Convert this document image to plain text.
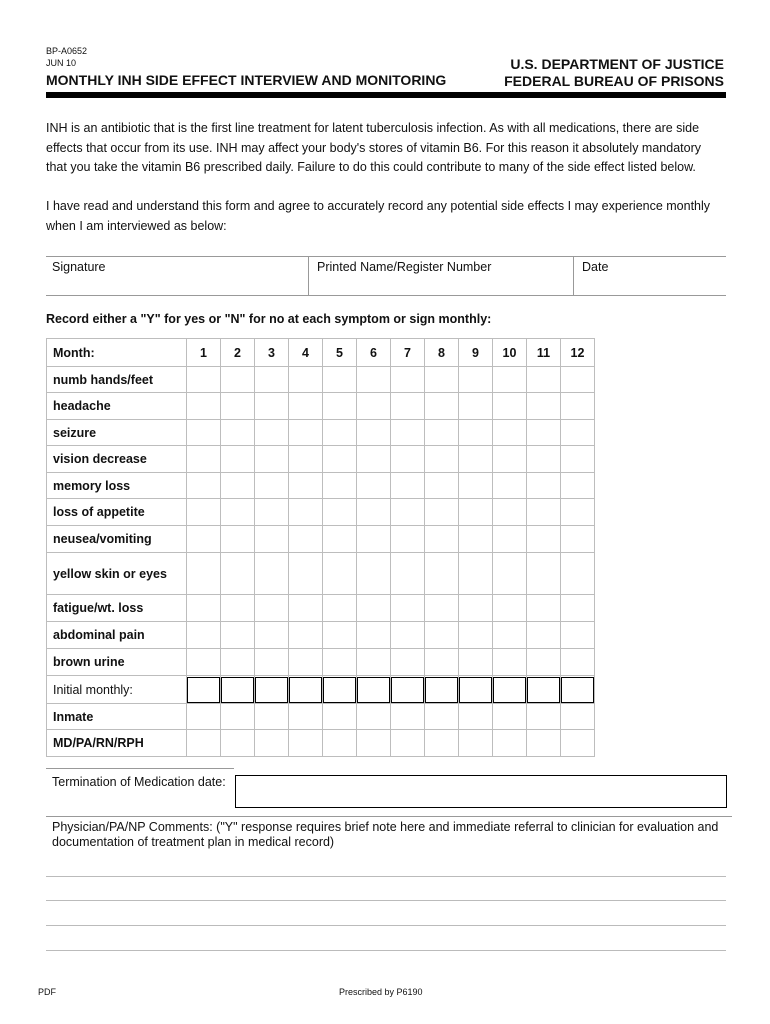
BP-A0652
JUN 10
MONTHLY INH SIDE EFFECT INTERVIEW AND MONITORING
U.S. DEPARTMENT OF JUSTICE
FEDERAL BUREAU OF PRISONS
INH is an antibiotic that is the first line treatment for latent tuberculosis infection. As with all medications, there are side
effects that occur from its use. INH may affect your body's stores of vitamin B6. For this reason it absolutely mandatory
that you take the vitamin B6 prescribed daily. Failure to do this could contribute to many of the side effect listed below.
I have read and understand this form and agree to accurately record any potential side effects I may experience monthly
when I am interviewed as below:
Signature	Printed Name/Register Number	Date
Record either a "Y" for yes or "N" for no at each symptom or sign monthly:
Month:	1	2	3	4	5	6	7	8	9	10	11	12
numb hands/feet												
headache												
seizure												
vision decrease												
memory loss												
loss of appetite												
neusea/vomiting												
yellow skin or eyes												
fatigue/wt. loss												
abdominal pain												
brown urine												
Initial monthly:	

Inmate												
MD/PA/RN/RPH												
Termination of Medication date:
Physician/PA/NP Comments: ("Y" response requires brief note here and immediate referral to clinician for evaluation and
documentation of treatment plan in medical record)
PDF	Prescribed by P6190
